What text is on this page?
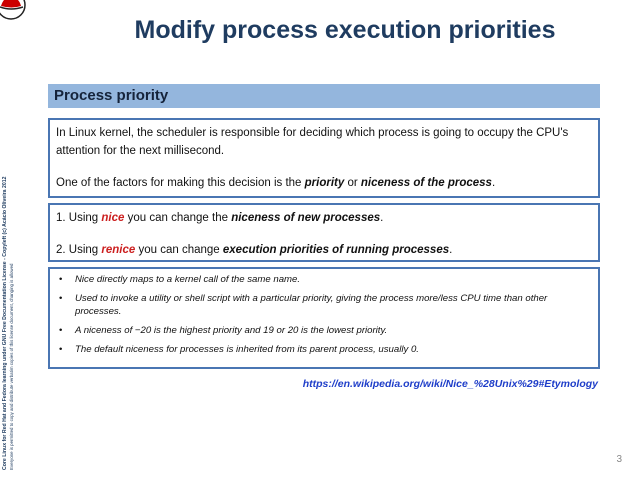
Modify process execution priorities
Core Linux for Red Hat and Fedora learning under GNU Free Documentation License - Copyleft (c) Acácio Oliveira 2012 Everyone is permitted to copy and distribute verbatim copies of this license document, changing is allowed
Process priority
In Linux kernel, the scheduler is responsible for deciding which process is going to occupy the CPU's attention for the next millisecond.
One of the factors for making this decision is the priority or niceness of the process.
1. Using nice you can change the niceness of new processes.
2. Using renice you can change execution priorities of running processes.
• Nice directly maps to a kernel call of the same name.
• Used to invoke a utility or shell script with a particular priority, giving the process more/less CPU time than other processes.
• A niceness of −20 is the highest priority and 19 or 20 is the lowest priority.
• The default niceness for processes is inherited from its parent process, usually 0.
https://en.wikipedia.org/wiki/Nice_%28Unix%29#Etymology
3
